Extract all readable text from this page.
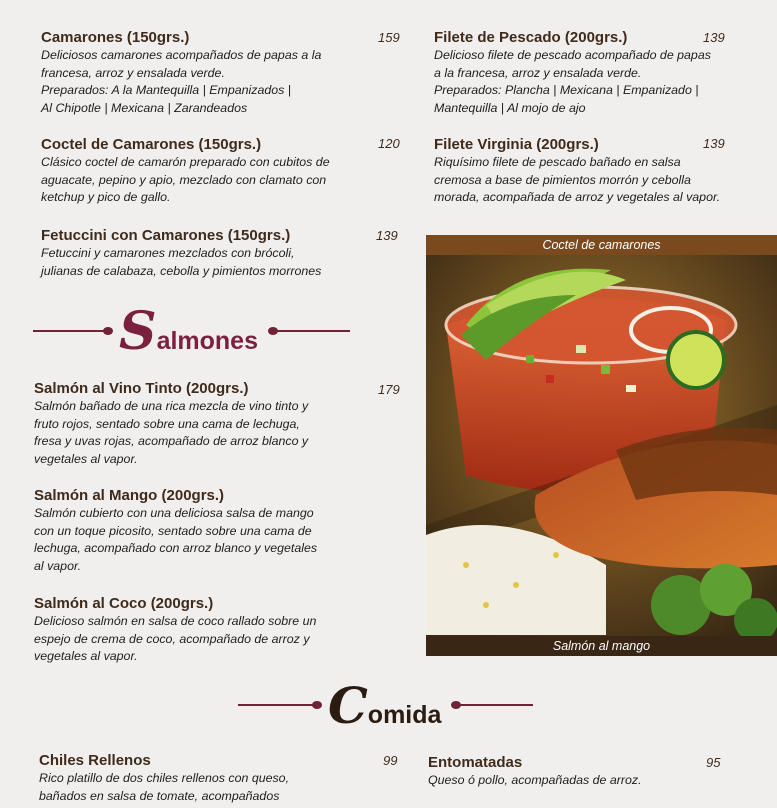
Camarones (150grs.)
Deliciosos camarones acompañados de papas a la
francesa, arroz y ensalada verde.
Preparados: A la Mantequilla | Empanizados |
Al Chipotle | Mexicana | Zarandeados
159
Coctel de Camarones (150grs.)
Clásico coctel de camarón preparado con cubitos de
aguacate, pepino y apio, mezclado con clamato con
ketchup y pico de gallo.
120
Fetuccini con Camarones (150grs.)
Fetuccini y camarones mezclados con brócoli,
julianas de calabaza, cebolla y pimientos morrones
139
Filete de Pescado (200grs.)
Delicioso filete de pescado acompañado de papas
a la francesa, arroz y ensalada verde.
Preparados: Plancha | Mexicana | Empanizado |
Mantequilla | Al mojo de ajo
139
Filete Virginia (200grs.)
Riquísimo filete de pescado bañado en salsa
cremosa a base de pimientos morrón y cebolla
morada, acompañada de arroz y vegetales al vapor.
139
S almones
Salmón al Vino Tinto (200grs.)
Salmón bañado de una rica mezcla de vino tinto y
fruto rojos, sentado sobre una cama de lechuga,
fresa y uvas rojas, acompañado de arroz blanco y
vegetales al vapor.
179
Salmón al Mango (200grs.)
Salmón cubierto con una deliciosa salsa de mango
con un toque picosito, sentado sobre una cama de
lechuga, acompañado con arroz blanco y vegetales
al vapor.
Salmón al Coco (200grs.)
Delicioso salmón en salsa de coco rallado sobre un
espejo de crema de coco, acompañado de arroz y
vegetales al vapor.
Coctel de camarones
Salmón al mango
C omida
Chiles Rellenos
Rico platillo de dos chiles rellenos con queso,
bañados en salsa de tomate, acompañados
99 Entomatadas
Queso ó pollo, acompañadas de arroz.
95
